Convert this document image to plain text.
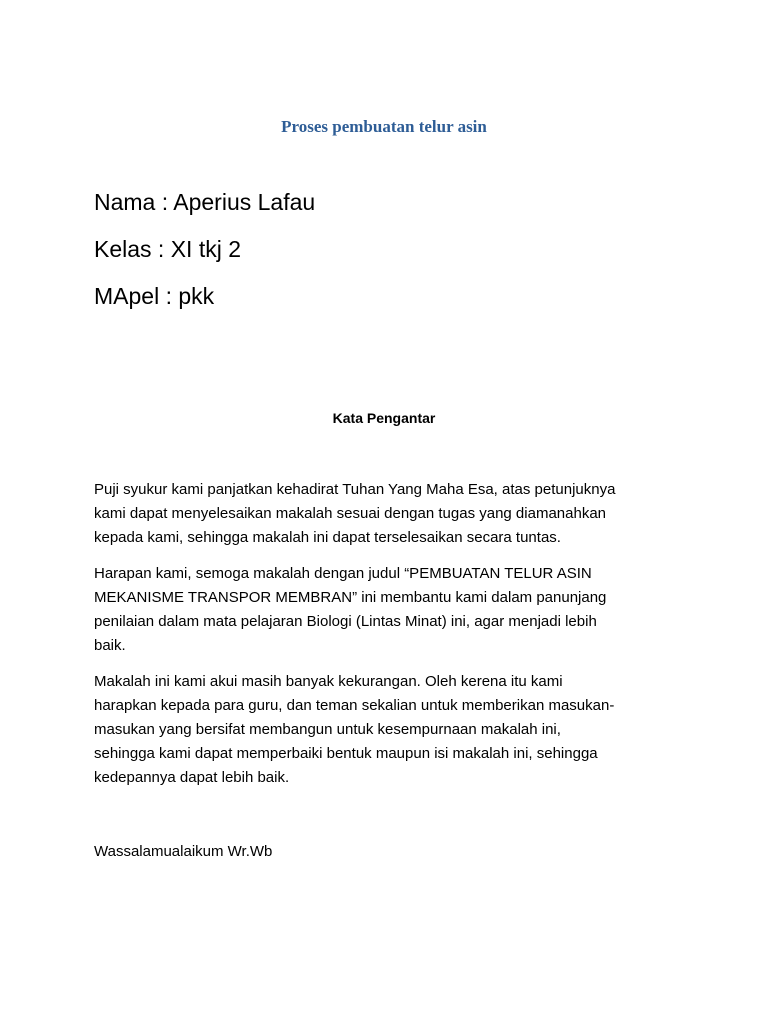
Proses pembuatan telur asin
Nama : Aperius Lafau
Kelas : XI tkj 2
MApel : pkk
Kata Pengantar
Puji syukur kami panjatkan kehadirat Tuhan Yang Maha Esa, atas petunjuknya
kami dapat menyelesaikan makalah sesuai dengan tugas yang diamanahkan
kepada kami, sehingga makalah ini dapat terselesaikan secara tuntas.
Harapan kami, semoga makalah dengan judul “PEMBUATAN TELUR ASIN
MEKANISME TRANSPOR MEMBRAN” ini membantu kami dalam panunjang
penilaian dalam mata pelajaran Biologi (Lintas Minat) ini, agar menjadi lebih
baik.
Makalah ini kami akui masih banyak kekurangan. Oleh kerena itu kami
harapkan kepada para guru, dan teman sekalian untuk memberikan masukan-
masukan yang bersifat membangun untuk kesempurnaan makalah ini,
sehingga kami dapat memperbaiki bentuk maupun isi makalah ini, sehingga
kedepannya dapat lebih baik.
Wassalamualaikum Wr.Wb
